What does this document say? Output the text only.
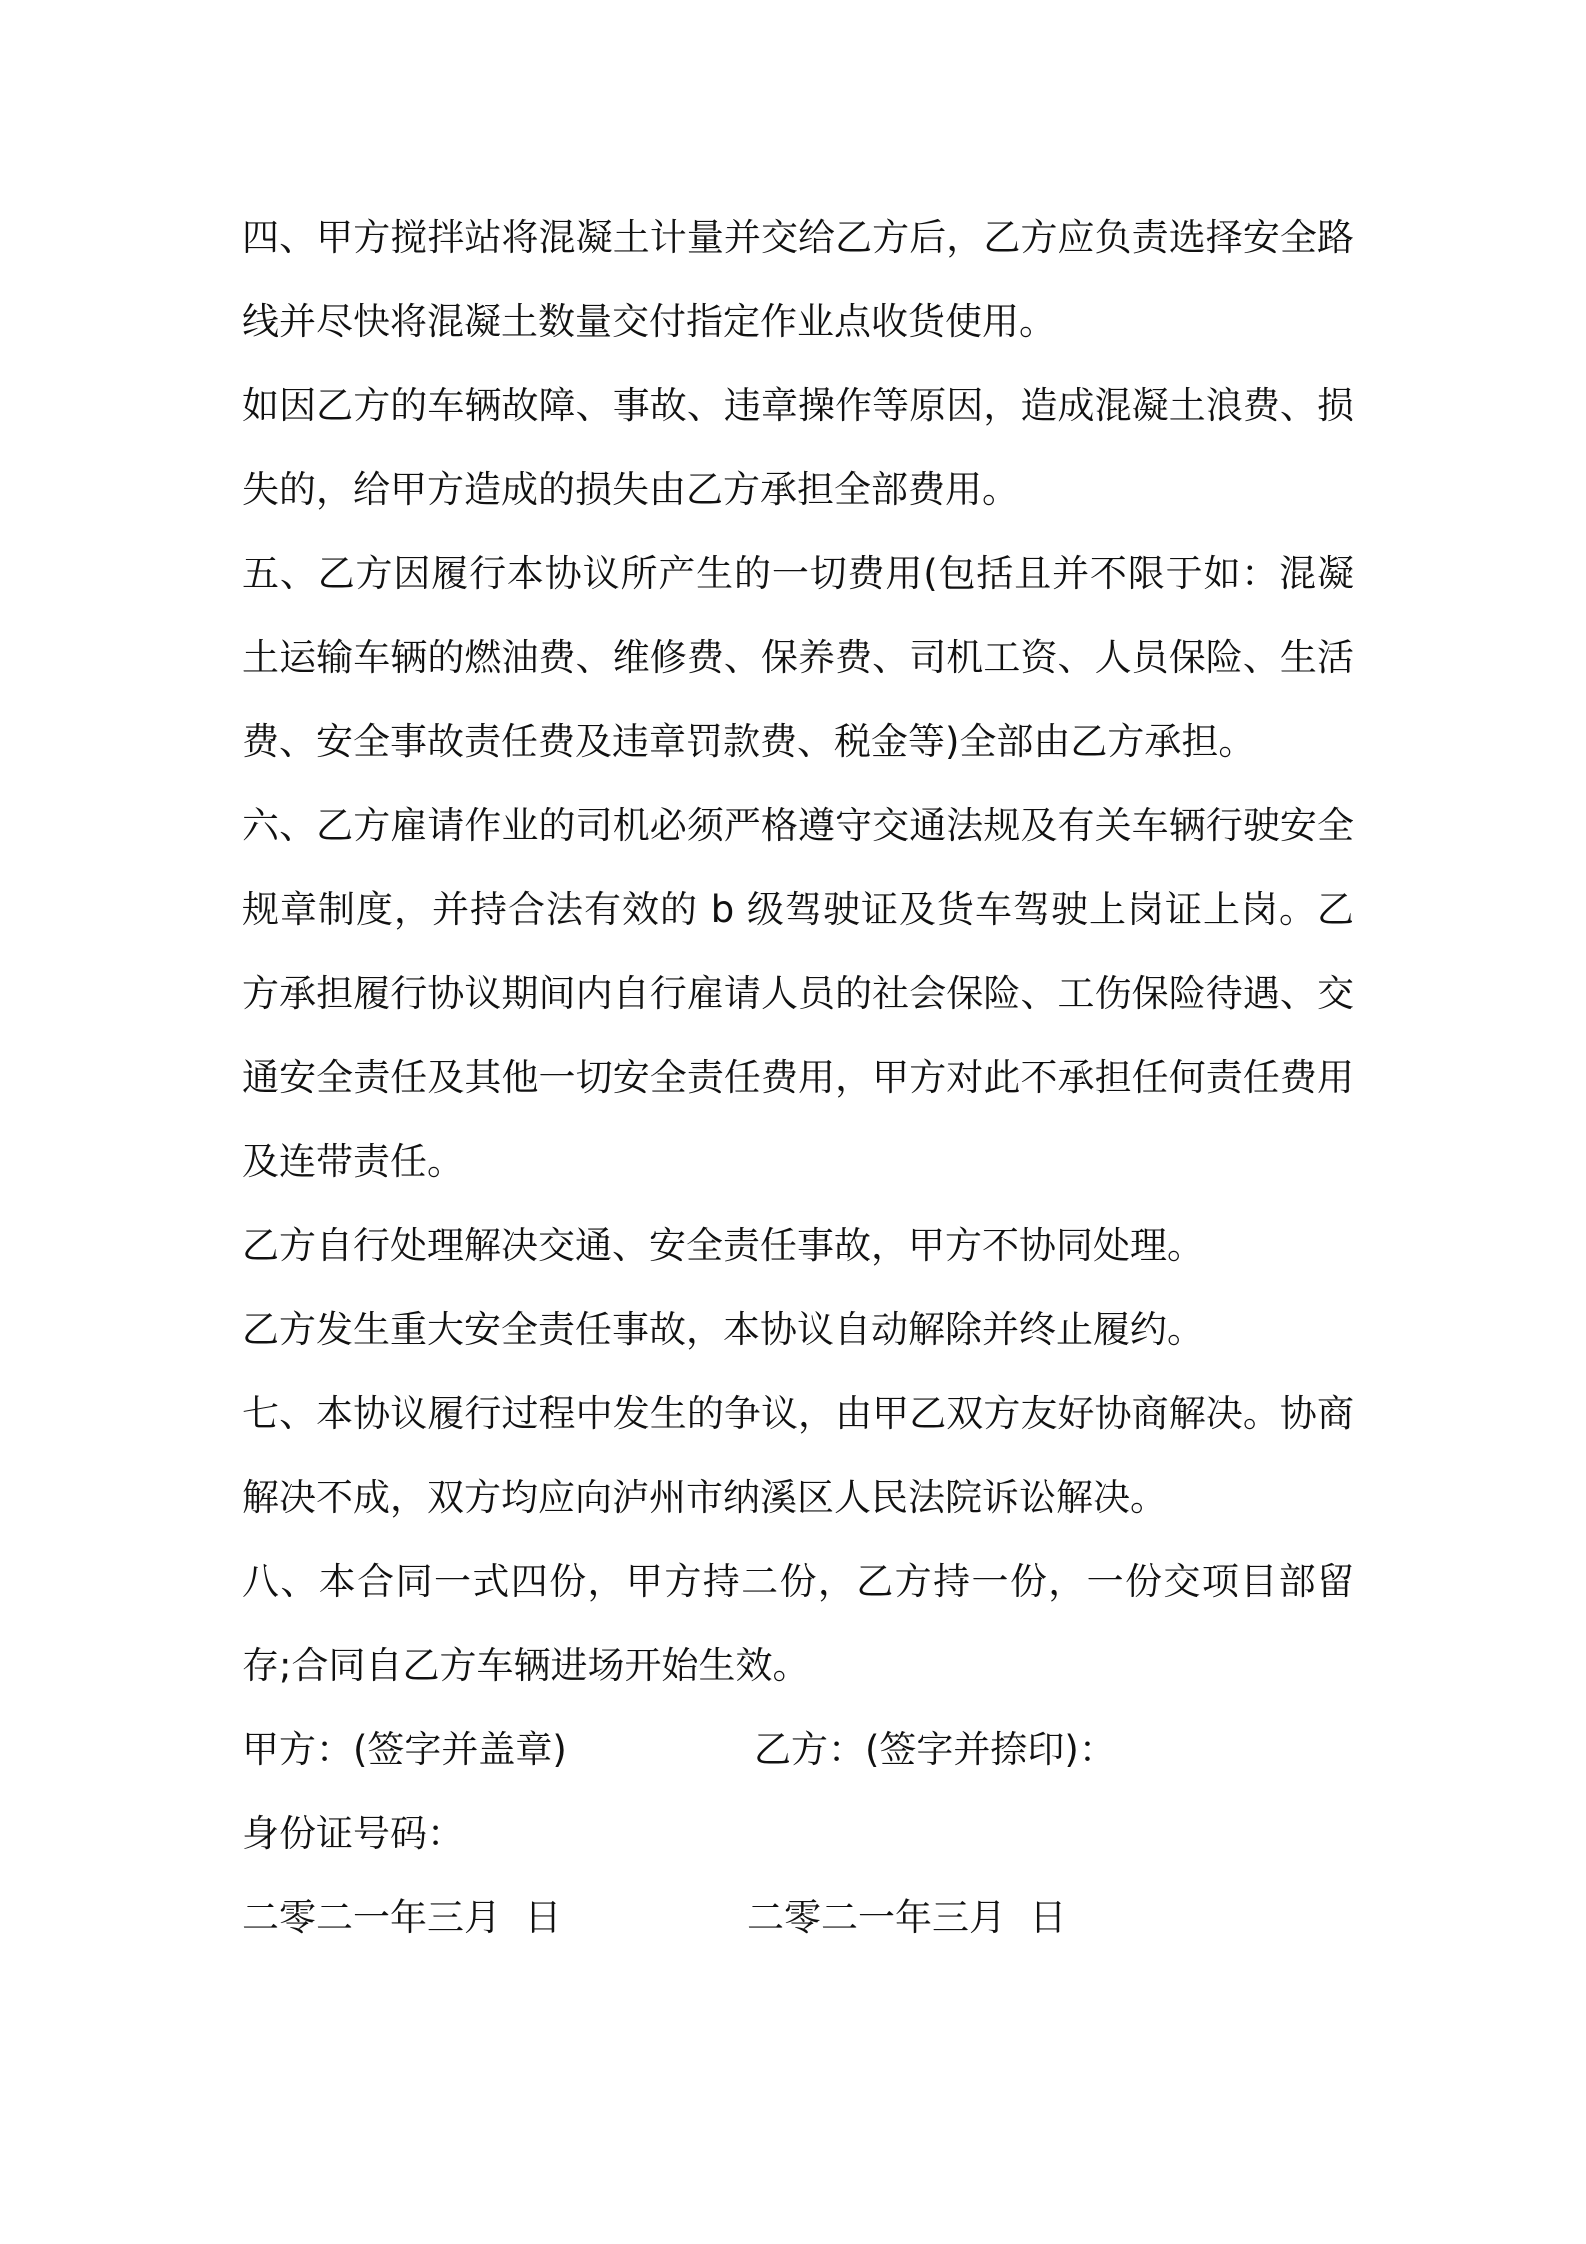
四、甲方搅拌站将混凝土计量并交给乙方后，乙方应负责选择安全路线并尽快将混凝土数量交付指定作业点收货使用。

如因乙方的车辆故障、事故、违章操作等原因，造成混凝土浪费、损失的，给甲方造成的损失由乙方承担全部费用。

五、乙方因履行本协议所产生的一切费用(包括且并不限于如：混凝土运输车辆的燃油费、维修费、保养费、司机工资、人员保险、生活费、安全事故责任费及违章罚款费、税金等)全部由乙方承担。

六、乙方雇请作业的司机必须严格遵守交通法规及有关车辆行驶安全规章制度，并持合法有效的 b 级驾驶证及货车驾驶上岗证上岗。乙方承担履行协议期间内自行雇请人员的社会保险、工伤保险待遇、交通安全责任及其他一切安全责任费用，甲方对此不承担任何责任费用及连带责任。

乙方自行处理解决交通、安全责任事故，甲方不协同处理。

乙方发生重大安全责任事故，本协议自动解除并终止履约。

七、本协议履行过程中发生的争议，由甲乙双方友好协商解决。协商解决不成，双方均应向泸州市纳溪区人民法院诉讼解决。

八、本合同一式四份，甲方持二份，乙方持一份，一份交项目部留存;合同自乙方车辆进场开始生效。

甲方：(签字并盖章)	乙方：(签字并捺印)：
身份证号码：
二零二一年三月  日	二零二一年三月  日
